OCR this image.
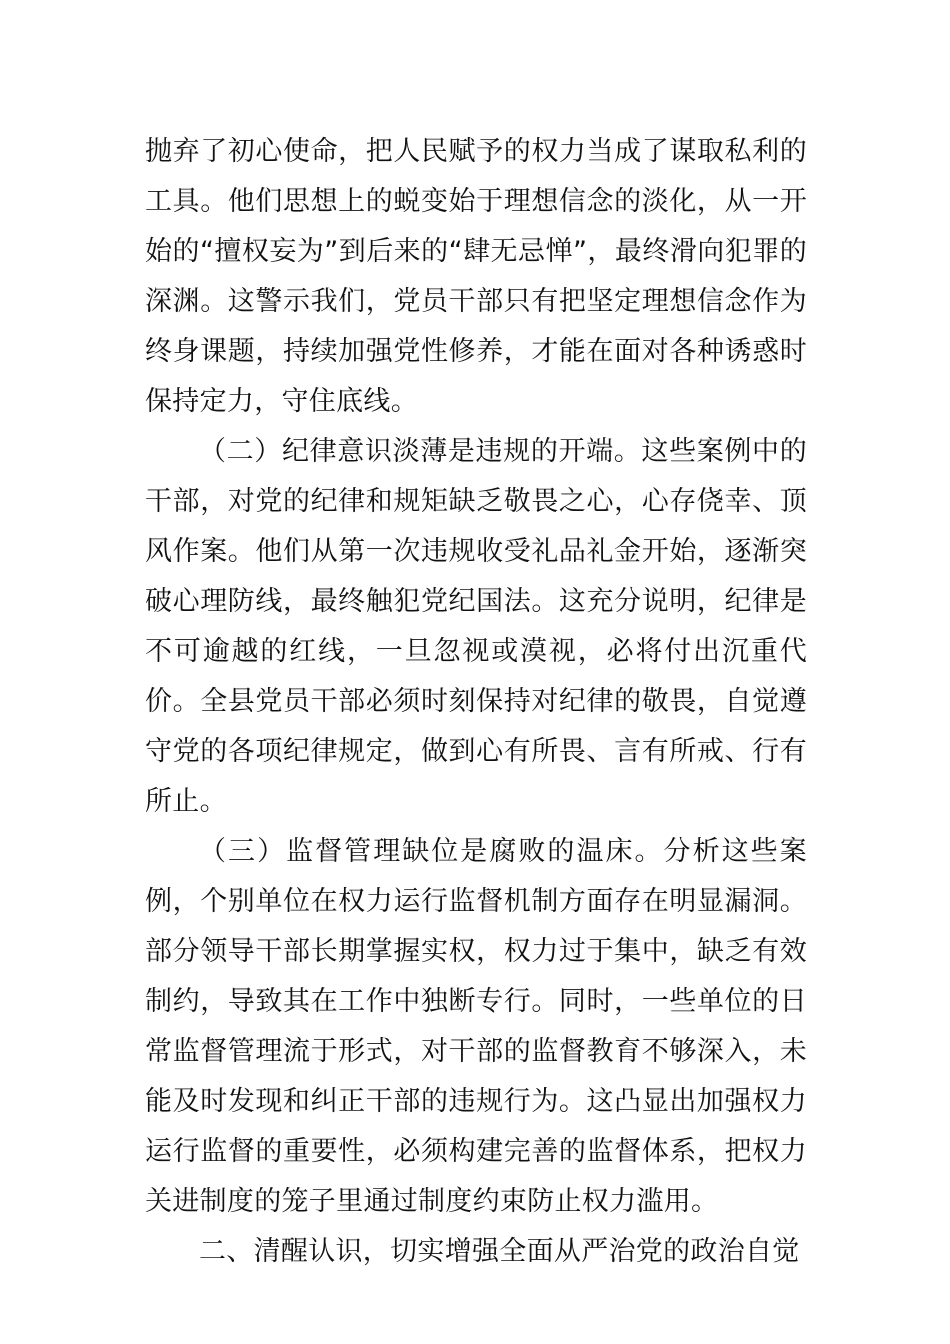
抛弃了初心使命，把人民赋予的权力当成了谋取私利的工具。他们思想上的蜕变始于理想信念的淡化，从一开始的“擅权妄为”到后来的“肆无忌惮”，最终滑向犯罪的深渊。这警示我们，党员干部只有把坚定理想信念作为终身课题，持续加强党性修养，才能在面对各种诱惑时保持定力，守住底线。

（二）纪律意识淡薄是违规的开端。这些案例中的干部，对党的纪律和规矩缺乏敬畏之心，心存侥幸、顶风作案。他们从第一次违规收受礼品礼金开始，逐渐突破心理防线，最终触犯党纪国法。这充分说明，纪律是不可逾越的红线，一旦忽视或漠视，必将付出沉重代价。全县党员干部必须时刻保持对纪律的敬畏，自觉遵守党的各项纪律规定，做到心有所畏、言有所戒、行有所止。

（三）监督管理缺位是腐败的温床。分析这些案例，个别单位在权力运行监督机制方面存在明显漏洞。部分领导干部长期掌握实权，权力过于集中，缺乏有效制约，导致其在工作中独断专行。同时，一些单位的日常监督管理流于形式，对干部的监督教育不够深入，未能及时发现和纠正干部的违规行为。这凸显出加强权力运行监督的重要性，必须构建完善的监督体系，把权力关进制度的笼子里通过制度约束防止权力滥用。

二、清醒认识，切实增强全面从严治党的政治自觉
